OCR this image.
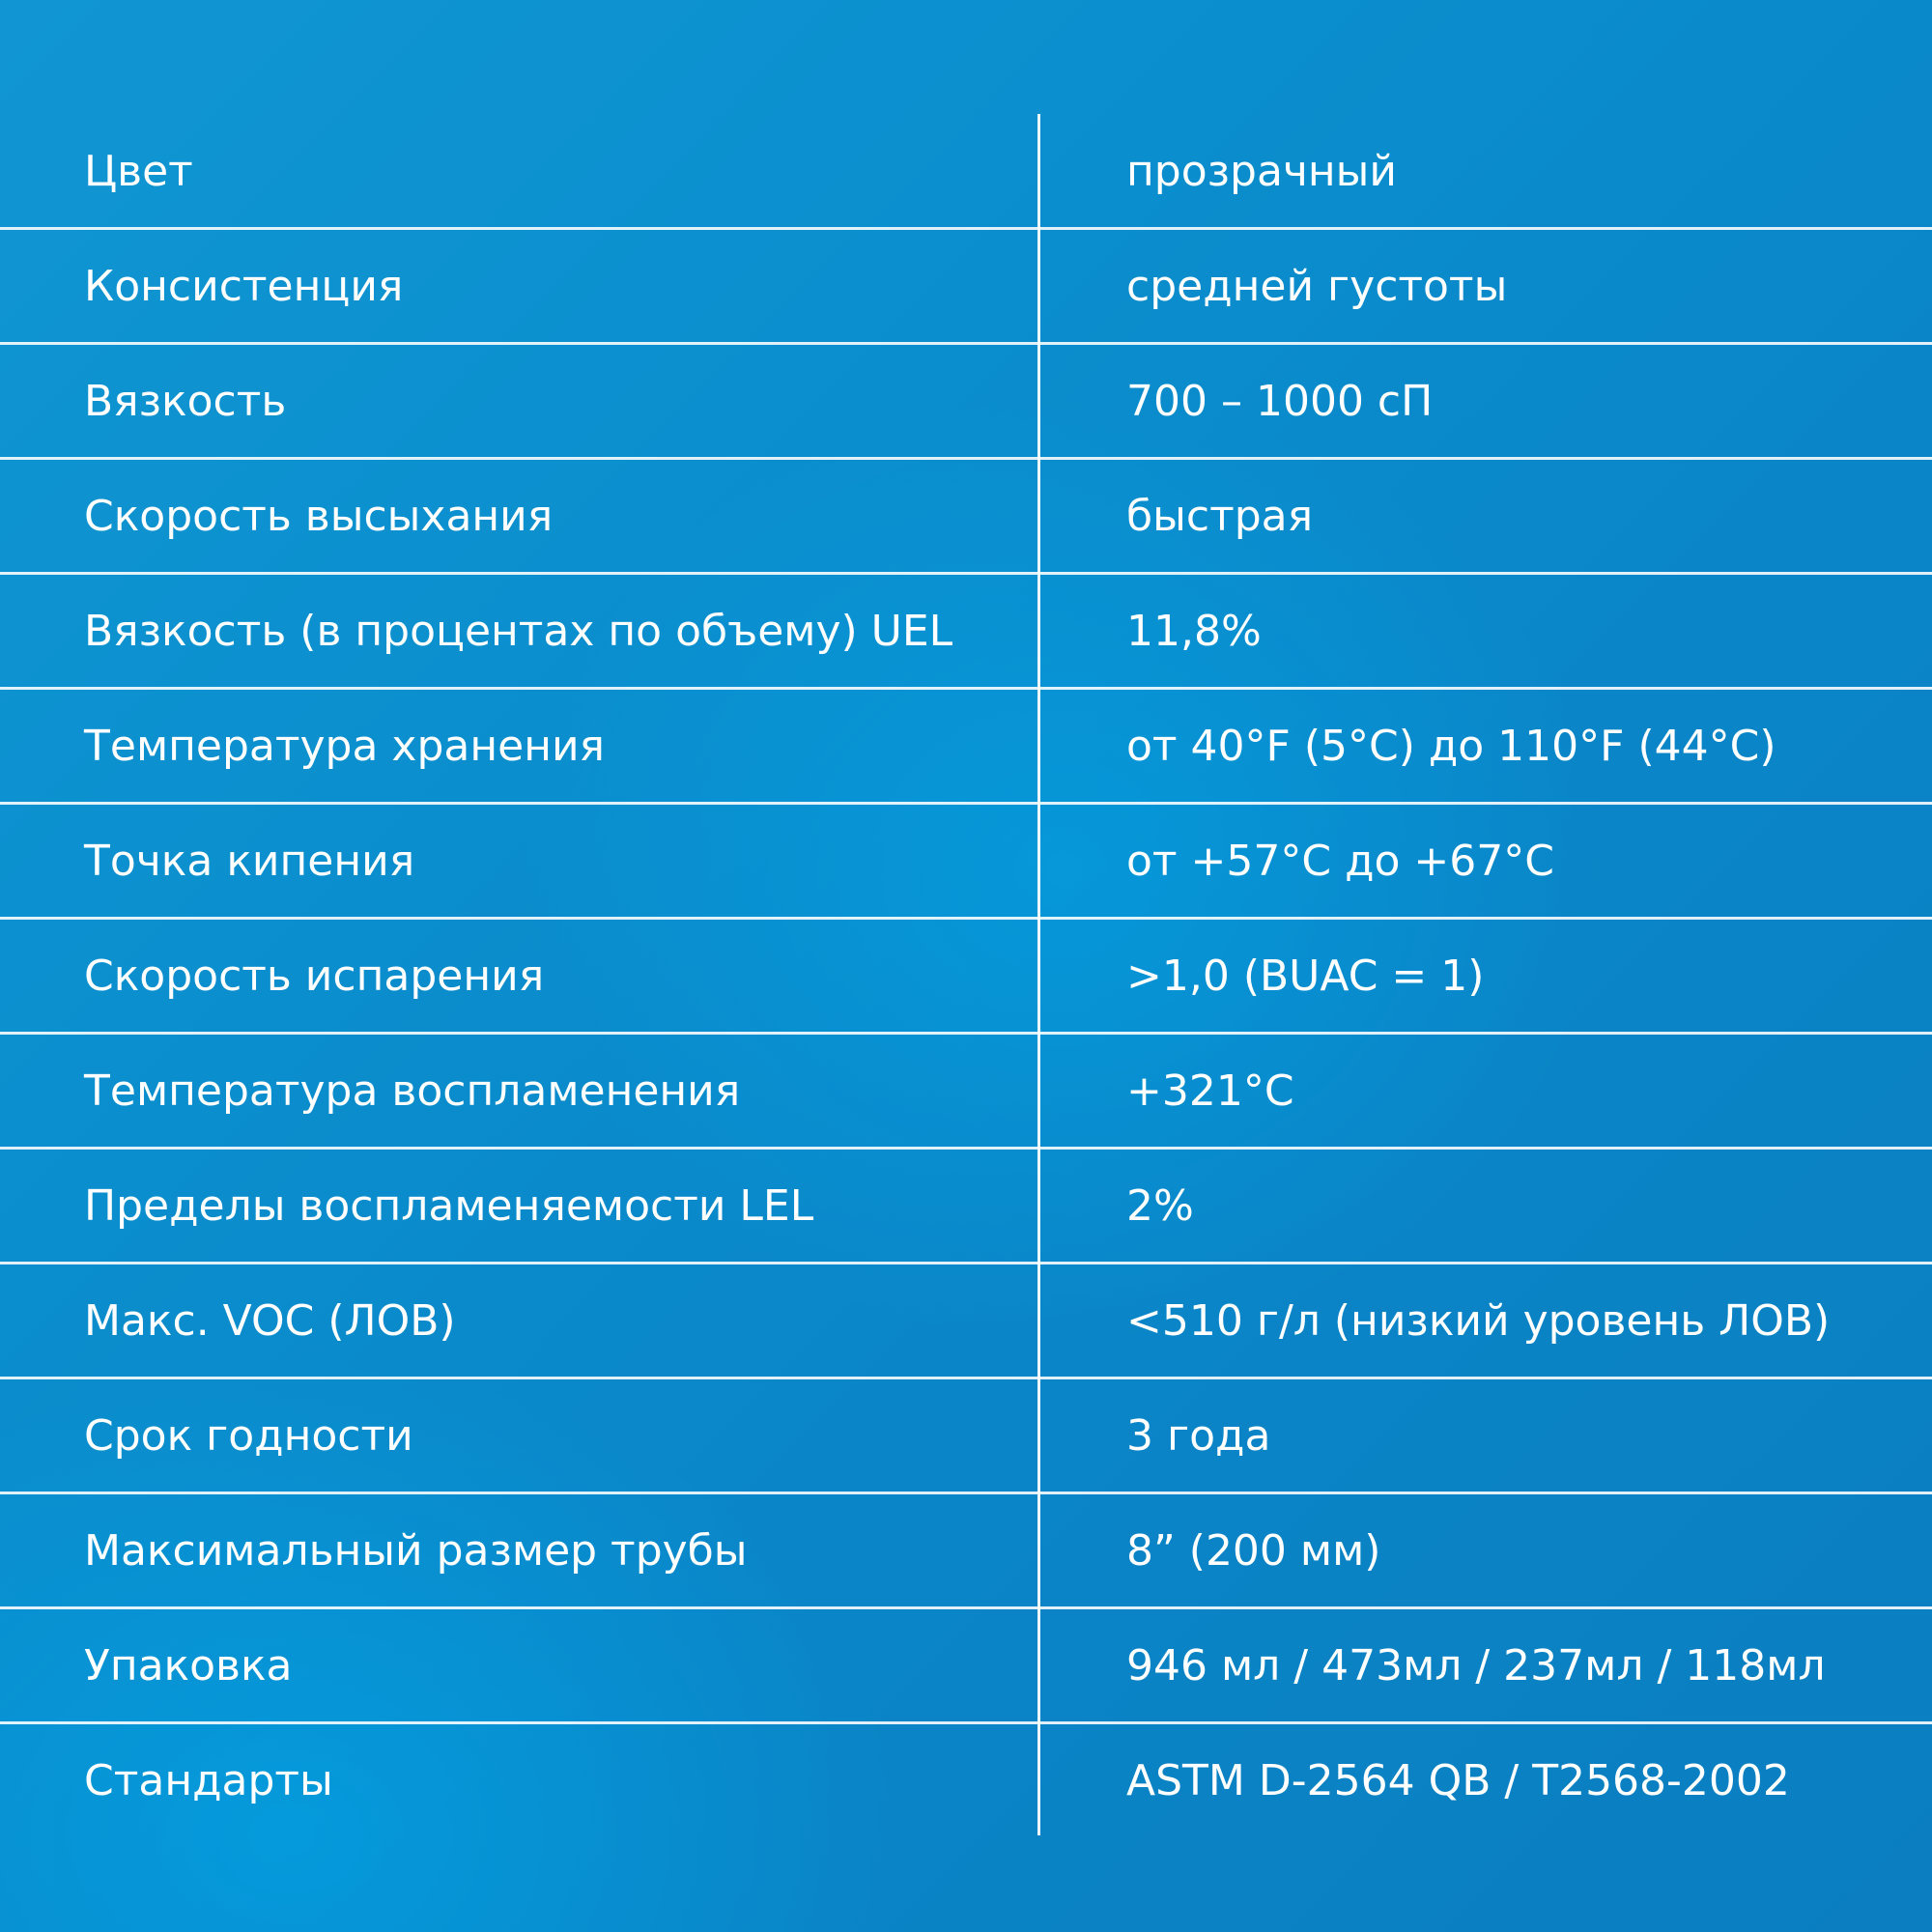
Цвет	прозрачный
Консистенция	средней густоты
Вязкость	700 – 1000 сП
Скорость высыхания	быстрая
Вязкость (в процентах по объему) UEL	11,8%
Температура хранения	от 40°F (5°C) до 110°F (44°C)
Точка кипения	от +57°C до +67°C
Скорость испарения	>1,0 (BUAC = 1)
Температура воспламенения	+321°C
Пределы воспламеняемости LEL	2%
Макс. VOC (ЛОВ)	<510 г/л (низкий уровень ЛОВ)
Срок годности	3 года
Максимальный размер трубы	8” (200 мм)
Упаковка	946 мл / 473мл / 237мл / 118мл
Стандарты	ASTM D-2564 QB / T2568-2002
